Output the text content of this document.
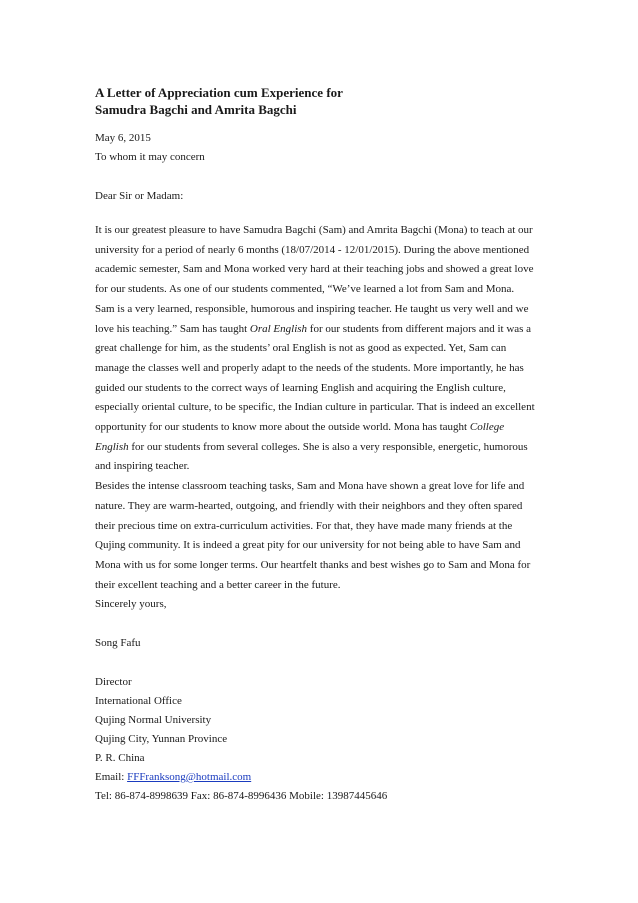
A Letter of Appreciation cum Experience for
Samudra Bagchi and Amrita Bagchi
May 6, 2015
To whom it may concern
Dear Sir or Madam:

It is our greatest pleasure to have Samudra Bagchi (Sam) and Amrita Bagchi (Mona) to teach at our university for a period of nearly 6 months (18/07/2014 - 12/01/2015). During the above mentioned academic semester, Sam and Mona worked very hard at their teaching jobs and showed a great love for our students. As one of our students commented, “We’ve learned a lot from Sam and Mona. Sam is a very learned, responsible, humorous and inspiring teacher. He taught us very well and we love his teaching.” Sam has taught Oral English for our students from different majors and it was a great challenge for him, as the students’ oral English is not as good as expected. Yet, Sam can manage the classes well and properly adapt to the needs of the students. More importantly, he has guided our students to the correct ways of learning English and acquiring the English culture, especially oriental culture, to be specific, the Indian culture in particular. That is indeed an excellent opportunity for our students to know more about the outside world. Mona has taught College English for our students from several colleges. She is also a very responsible, energetic, humorous and inspiring teacher.

Besides the intense classroom teaching tasks, Sam and Mona have shown a great love for life and nature. They are warm-hearted, outgoing, and friendly with their neighbors and they often spared their precious time on extra-curriculum activities. For that, they have made many friends at the Qujing community. It is indeed a great pity for our university for not being able to have Sam and Mona with us for some longer terms. Our heartfelt thanks and best wishes go to Sam and Mona for their excellent teaching and a better career in the future.

Sincerely yours,
Song Fafu
Director
International Office
Qujing Normal University
Qujing City, Yunnan Province
P. R. China
Email: FFFranksong@hotmail.com
Tel: 86-874-8998639 Fax: 86-874-8996436 Mobile: 13987445646
